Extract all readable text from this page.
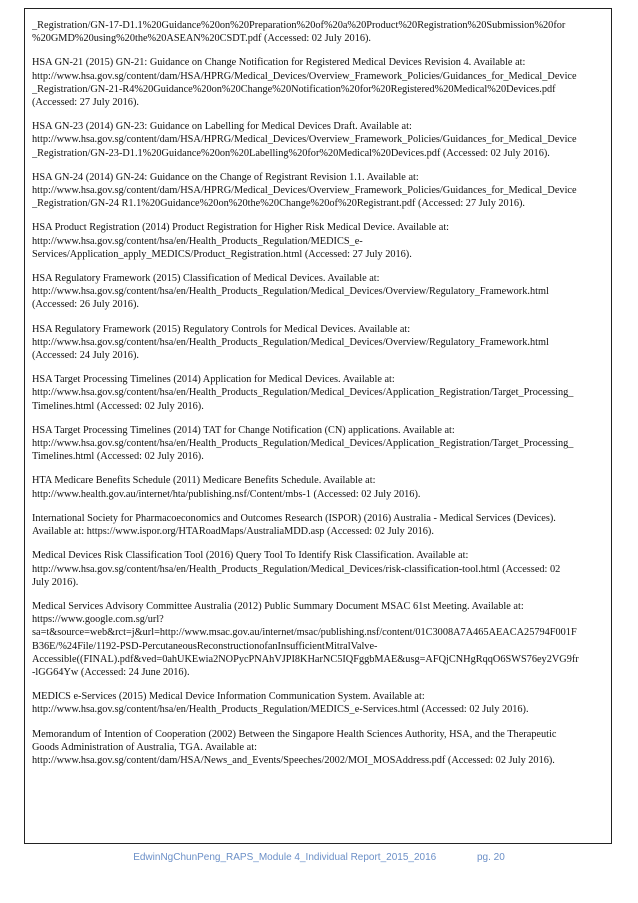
_Registration/GN-17-D1.1%20Guidance%20on%20Preparation%20of%20a%20Product%20Registration%20Submission%20for
%20GMD%20using%20the%20ASEAN%20CSDT.pdf (Accessed: 02 July 2016).
HSA GN-21 (2015) GN-21: Guidance on Change Notification for Registered Medical Devices Revision 4. Available at:
http://www.hsa.gov.sg/content/dam/HSA/HPRG/Medical_Devices/Overview_Framework_Policies/Guidances_for_Medical_Device
_Registration/GN-21-R4%20Guidance%20on%20Change%20Notification%20for%20Registered%20Medical%20Devices.pdf
(Accessed: 27 July 2016).
HSA GN-23 (2014) GN-23: Guidance on Labelling for Medical Devices Draft. Available at:
http://www.hsa.gov.sg/content/dam/HSA/HPRG/Medical_Devices/Overview_Framework_Policies/Guidances_for_Medical_Device
_Registration/GN-23-D1.1%20Guidance%20on%20Labelling%20for%20Medical%20Devices.pdf (Accessed: 02 July 2016).
HSA GN-24 (2014) GN-24: Guidance on the Change of Registrant Revision 1.1. Available at:
http://www.hsa.gov.sg/content/dam/HSA/HPRG/Medical_Devices/Overview_Framework_Policies/Guidances_for_Medical_Device
_Registration/GN-24 R1.1%20Guidance%20on%20the%20Change%20of%20Registrant.pdf (Accessed: 27 July 2016).
HSA Product Registration (2014) Product Registration for Higher Risk Medical Device. Available at:
http://www.hsa.gov.sg/content/hsa/en/Health_Products_Regulation/MEDICS_e-
Services/Application_apply_MEDICS/Product_Registration.html (Accessed: 27 July 2016).
HSA Regulatory Framework (2015) Classification of Medical Devices. Available at:
http://www.hsa.gov.sg/content/hsa/en/Health_Products_Regulation/Medical_Devices/Overview/Regulatory_Framework.html
(Accessed: 26 July 2016).
HSA Regulatory Framework (2015) Regulatory Controls for Medical Devices. Available at:
http://www.hsa.gov.sg/content/hsa/en/Health_Products_Regulation/Medical_Devices/Overview/Regulatory_Framework.html
(Accessed: 24 July 2016).
HSA Target Processing Timelines (2014) Application for Medical Devices. Available at:
http://www.hsa.gov.sg/content/hsa/en/Health_Products_Regulation/Medical_Devices/Application_Registration/Target_Processing_
Timelines.html (Accessed: 02 July 2016).
HSA Target Processing Timelines (2014) TAT for Change Notification (CN) applications. Available at:
http://www.hsa.gov.sg/content/hsa/en/Health_Products_Regulation/Medical_Devices/Application_Registration/Target_Processing_
Timelines.html (Accessed: 02 July 2016).
HTA Medicare Benefits Schedule (2011) Medicare Benefits Schedule. Available at:
http://www.health.gov.au/internet/hta/publishing.nsf/Content/mbs-1 (Accessed: 02 July 2016).
International Society for Pharmacoeconomics and Outcomes Research (ISPOR) (2016) Australia - Medical Services (Devices).
Available at: https://www.ispor.org/HTARoadMaps/AustraliaMDD.asp (Accessed: 02 July 2016).
Medical Devices Risk Classification Tool (2016) Query Tool To Identify Risk Classification. Available at:
http://www.hsa.gov.sg/content/hsa/en/Health_Products_Regulation/Medical_Devices/risk-classification-tool.html (Accessed: 02
July 2016).
Medical Services Advisory Committee Australia (2012) Public Summary Document MSAC 61st Meeting. Available at:
https://www.google.com.sg/url?
sa=t&source=web&rct=j&url=http://www.msac.gov.au/internet/msac/publishing.nsf/content/01C3008A7A465AEACA25794F001F
B36E/%24File/1192-PSD-PercutaneousReconstructionofanInsufficientMitralValve-
Accessible((FINAL).pdf&ved=0ahUKEwia2NOPycPNAhVJPI8KHarNC5IQFggbMAE&usg=AFQjCNHgRqqO6SWS76ey2VG9fr
-lGG64Yw (Accessed: 24 June 2016).
MEDICS e-Services (2015) Medical Device Information Communication System. Available at:
http://www.hsa.gov.sg/content/hsa/en/Health_Products_Regulation/MEDICS_e-Services.html (Accessed: 02 July 2016).
Memorandum of Intention of Cooperation (2002) Between the Singapore Health Sciences Authority, HSA, and the Therapeutic
Goods Administration of Australia, TGA. Available at:
http://www.hsa.gov.sg/content/dam/HSA/News_and_Events/Speeches/2002/MOI_MOSAddress.pdf (Accessed: 02 July 2016).
EdwinNgChunPeng_RAPS_Module 4_Individual Report_2015_2016	pg. 20
